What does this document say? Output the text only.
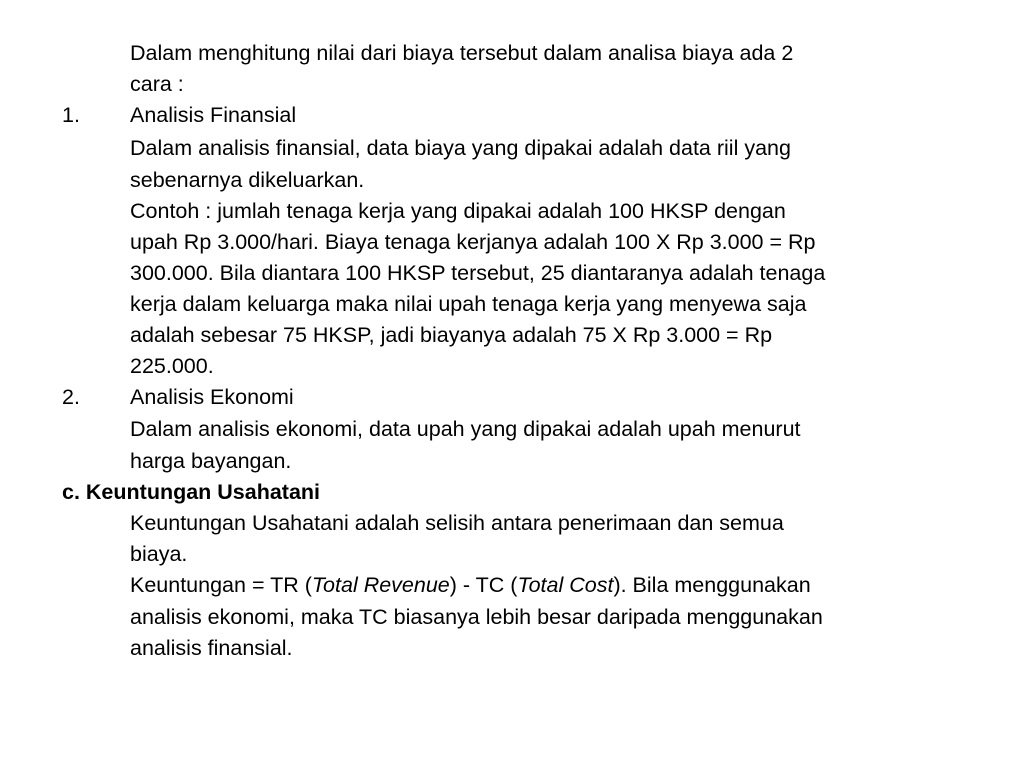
Dalam menghitung nilai dari biaya tersebut dalam analisa biaya ada 2
cara :
1. Analisis Finansial
Dalam analisis finansial, data biaya yang dipakai adalah data riil yang
sebenarnya dikeluarkan.
Contoh : jumlah tenaga kerja yang dipakai adalah 100 HKSP dengan
upah Rp 3.000/hari. Biaya tenaga kerjanya adalah 100 X Rp 3.000 = Rp
300.000. Bila diantara 100 HKSP tersebut, 25 diantaranya adalah tenaga
kerja dalam keluarga maka nilai upah tenaga kerja yang menyewa saja
adalah sebesar 75 HKSP, jadi biayanya adalah 75 X Rp 3.000 = Rp
225.000.
2. Analisis Ekonomi
Dalam analisis ekonomi, data upah yang dipakai adalah upah menurut
harga bayangan.
c. Keuntungan Usahatani
Keuntungan Usahatani adalah selisih antara penerimaan dan semua
biaya.
Keuntungan = TR (Total Revenue) - TC (Total Cost). Bila menggunakan
analisis ekonomi, maka TC biasanya lebih besar daripada menggunakan
analisis finansial.
